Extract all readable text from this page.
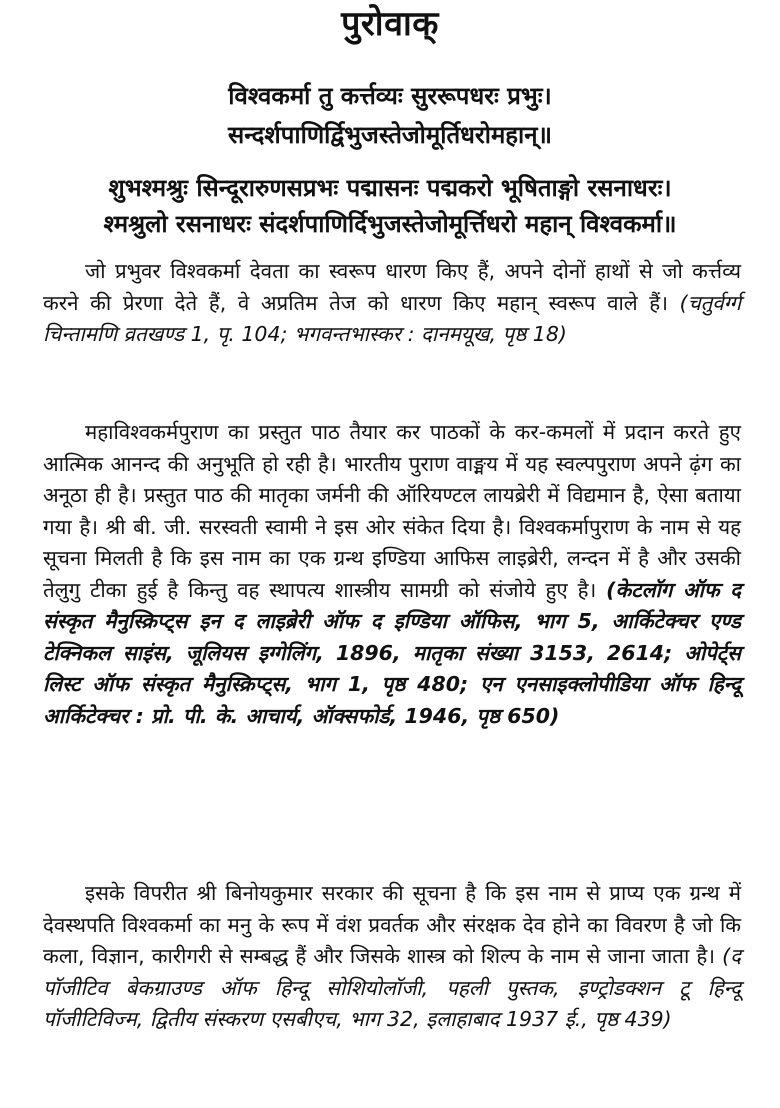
पुरोवाक्
विश्वकर्मा तु कर्त्तव्यः सुररूपधरः प्रभुः।
सन्दर्शपाणिर्द्विभुजस्तेजोमूर्तिधरोमहान्॥
शुभश्मश्रुः सिन्दूरारुणसप्रभः पद्मासनः पद्मकरो भूषिताङ्गो रसनाधरः।
श्मश्रुलो रसनाधरः संदर्शपाणिर्दिभुजस्तेजोमूर्त्तिधरो महान् विश्वकर्मा॥

जो प्रभुवर विश्वकर्मा देवता का स्वरूप धारण किए हैं, अपने दोनों हाथों से जो कर्त्तव्य करने की प्रेरणा देते हैं, वे अप्रतिम तेज को धारण किए महान् स्वरूप वाले हैं। (चतुर्वर्ग्ग चिन्तामणि व्रतखण्ड 1, पृ. 104; भगवन्तभास्कर : दानमयूख, पृष्ठ 18)

महाविश्वकर्मपुराण का प्रस्तुत पाठ तैयार कर पाठकों के कर-कमलों में प्रदान करते हुए आत्मिक आनन्द की अनुभूति हो रही है। भारतीय पुराण वाङ्मय में यह स्वल्पपुराण अपने ढ़ंग का अनूठा ही है। प्रस्तुत पाठ की मातृका जर्मनी की ऑरियण्टल लायब्रेरी में विद्यमान है, ऐसा बताया गया है। श्री बी. जी. सरस्वती स्वामी ने इस ओर संकेत दिया है। विश्वकर्मापुराण के नाम से यह सूचना मिलती है कि इस नाम का एक ग्रन्थ इण्डिया आफिस लाइब्रेरी, लन्दन में है और उसकी तेलुगु टीका हुई है किन्तु वह स्थापत्य शास्त्रीय सामग्री को संजोये हुए है। (केटलॉग ऑफ द संस्कृत मैनुस्क्रिप्ट्स इन द लाइब्रेरी ऑफ द इण्डिया ऑफिस, भाग 5, आर्किटेक्चर एण्ड टेक्निकल साइंस, जूलियस इग्गेलिंग, 1896, मातृका संख्या 3153, 2614; ओपेर्ट्स लिस्ट ऑफ संस्कृत मैनुस्क्रिप्ट्स, भाग 1, पृष्ठ 480; एन एनसाइक्लोपीडिया ऑफ हिन्दू आर्किटेक्चर : प्रो. पी. के. आचार्य, ऑक्सफोर्ड, 1946, पृष्ठ 650)

इसके विपरीत श्री बिनोयकुमार सरकार की सूचना है कि इस नाम से प्राप्य एक ग्रन्थ में देवस्थपति विश्वकर्मा का मनु के रूप में वंश प्रवर्तक और संरक्षक देव होने का विवरण है जो कि कला, विज्ञान, कारीगरी से सम्बद्ध हैं और जिसके शास्त्र को शिल्प के नाम से जाना जाता है। (द पॉजीटिव बेकग्राउण्ड ऑफ हिन्दू सोशियोलॉजी, पहली पुस्तक, इण्ट्रोडक्शन टू हिन्दू पॉजीटिविज्म, द्वितीय संस्करण एसबीएच, भाग 32, इलाहाबाद 1937 ई., पृष्ठ 439)
